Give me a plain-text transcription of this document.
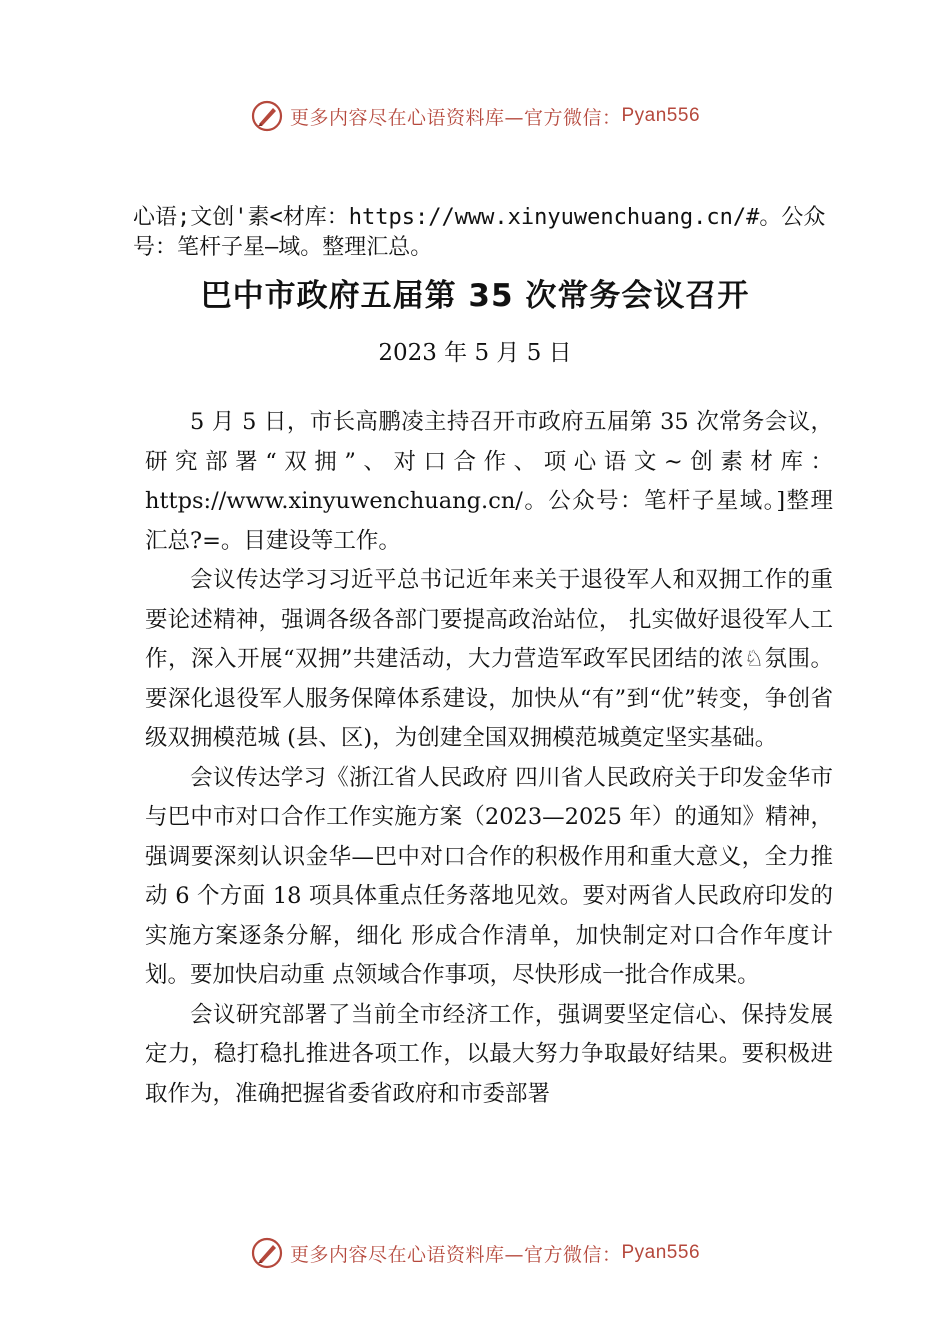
更多内容尽在心语资料库—官方微信： Pyan556
心语;文创'素<材库：https://www.xinyuwenchuang.cn/#。公众号：笔杆子星—域。整理汇总。
巴中市政府五届第 35 次常务会议召开
2023 年 5 月 5 日

5 月 5 日，市长高鹏凌主持召开市政府五届第 35 次常务会议，研究部署“双拥”、对口合作、项心语文~创素材库：https://www.xinyuwenchuang.cn/。公众号：笔杆子星域。]整理汇总?=。目建设等工作。

会议传达学习习近平总书记近年来关于退役军人和双拥工作的重要论述精神，强调各级各部门要提高政治站位， 扎实做好退役军人工作，深入开展“双拥”共建活动，大力营造军政军民团结的浓♘氛围。要深化退役军人服务保障体系建设，加快从“有”到“优”转变，争创省级双拥模范城 (县、区)，为创建全国双拥模范城奠定坚实基础。

会议传达学习《浙江省人民政府 四川省人民政府关于印发金华市与巴中市对口合作工作实施方案（2023—2025 年）的通知》精神，强调要深刻认识金华—巴中对口合作的积极作用和重大意义，全力推动 6 个方面 18 项具体重点任务落地见效。要对两省人民政府印发的实施方案逐条分解，细化 形成合作清单，加快制定对口合作年度计划。要加快启动重 点领域合作事项，尽快形成一批合作成果。

会议研究部署了当前全市经济工作，强调要坚定信心、保持发展定力，稳打稳扎推进各项工作，以最大努力争取最好结果。要积极进取作为，准确把握省委省政府和市委部署

更多内容尽在心语资料库—官方微信： Pyan556
